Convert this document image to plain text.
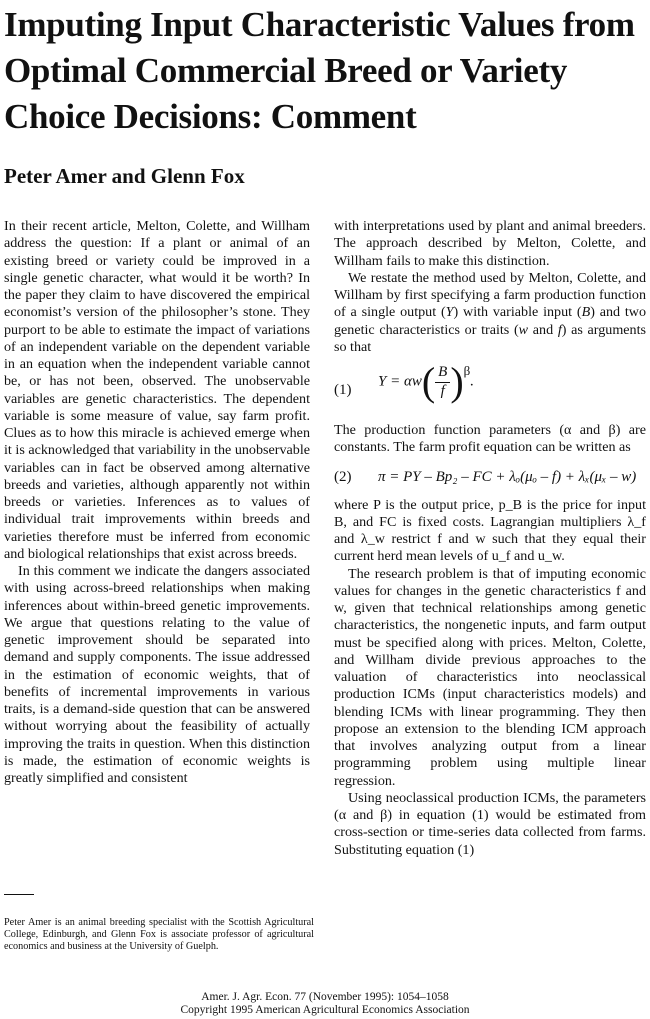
Imputing Input Characteristic Values from Optimal Commercial Breed or Variety Choice Decisions: Comment

Peter Amer and Glenn Fox

In their recent article, Melton, Colette, and Willham address the question: If a plant or animal of an existing breed or variety could be improved in a single genetic character, what would it be worth? In the paper they claim to have discovered the empirical economist’s version of the philosopher’s stone. They purport to be able to estimate the impact of variations of an independent variable on the dependent variable in an equation when the independent variable cannot be, or has not been, observed. The unobservable variables are genetic characteristics. The dependent variable is some measure of value, say farm profit. Clues as to how this miracle is achieved emerge when it is acknowledged that variability in the unobservable variables can in fact be observed among alternative breeds and varieties, although apparently not within breeds or varieties. Inferences as to values of individual trait improvements within breeds and varieties therefore must be inferred from economic and biological relationships that exist across breeds.

In this comment we indicate the dangers associated with using across-breed relationships when making inferences about within-breed genetic improvements. We argue that questions relating to the value of genetic improvement should be separated into demand and supply components. The issue addressed in the estimation of economic weights, that of benefits of incremental improvements in various traits, is a demand-side question that can be answered without worrying about the feasibility of actually improving the traits in question. When this distinction is made, the estimation of economic weights is greatly simplified and consistent

Peter Amer is an animal breeding specialist with the Scottish Agricultural College, Edinburgh, and Glenn Fox is associate professor of agricultural economics and business at the University of Guelph.

with interpretations used by plant and animal breeders. The approach described by Melton, Colette, and Willham fails to make this distinction.

We restate the method used by Melton, Colette, and Willham by first specifying a farm production function of a single output (Y) with variable input (B) and two genetic characteristics or traits (w and f) as arguments so that

(1)
$Y = \alpha w( \frac{B}{f} )\beta$.

The production function parameters (α and β) are constants. The farm profit equation can be written as

(2) π = PY – Bp₂ – FC + λₒ(μₒ – f) + λₓ(μₓ – w)

where P is the output price, p_B is the price for input B, and FC is fixed costs. Lagrangian multipliers λ_f and λ_w restrict f and w such that they equal their current herd mean levels of u_f and u_w.

The research problem is that of imputing economic values for changes in the genetic characteristics f and w, given that technical relationships among genetic characteristics, the nongenetic inputs, and farm output must be specified along with prices. Melton, Colette, and Willham divide previous approaches to the valuation of characteristics into neoclassical production ICMs (input characteristics models) and blending ICMs with linear programming. They then propose an extension to the blending ICM approach that involves analyzing output from a linear programming problem using multiple linear regression.

Using neoclassical production ICMs, the parameters (α and β) in equation (1) would be estimated from cross-section or time-series data collected from farms. Substituting equation (1)

Amer. J. Agr. Econ. 77 (November 1995): 1054–1058
Copyright 1995 American Agricultural Economics Association
